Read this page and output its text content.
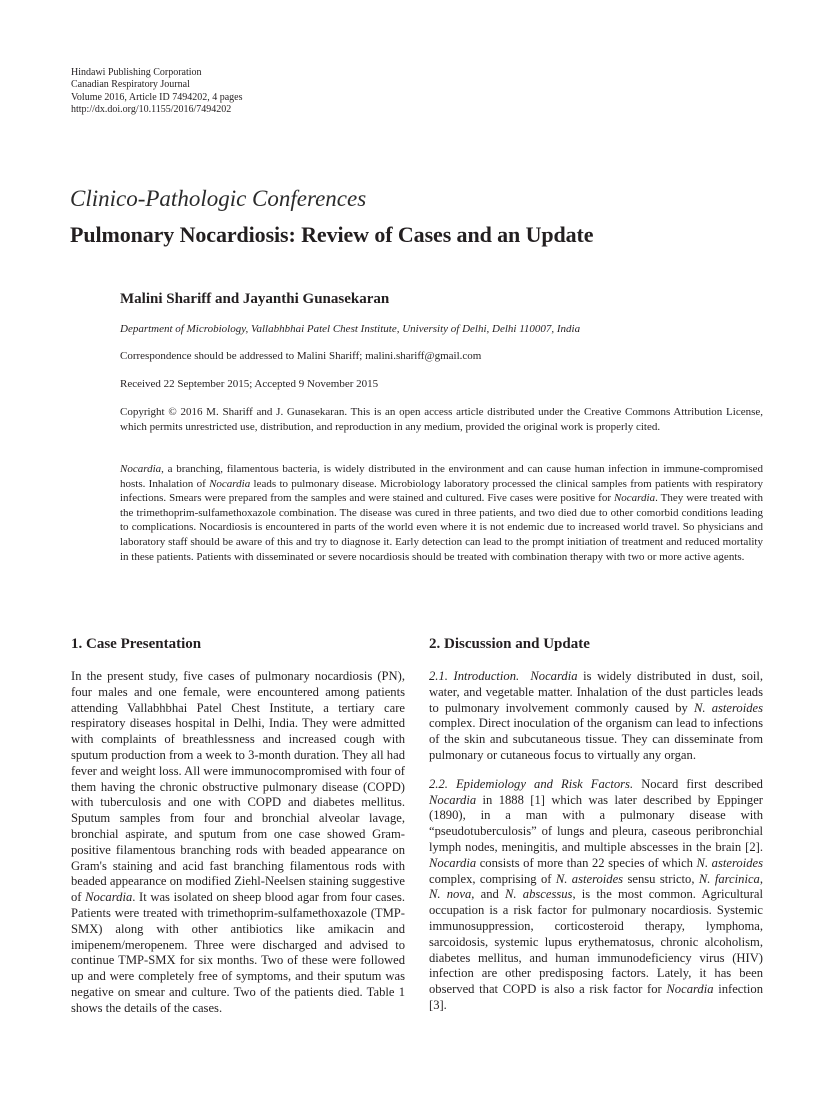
Hindawi Publishing Corporation
Canadian Respiratory Journal
Volume 2016, Article ID 7494202, 4 pages
http://dx.doi.org/10.1155/2016/7494202
Clinico-Pathologic Conferences
Pulmonary Nocardiosis: Review of Cases and an Update
Malini Shariff and Jayanthi Gunasekaran
Department of Microbiology, Vallabhbhai Patel Chest Institute, University of Delhi, Delhi 110007, India
Correspondence should be addressed to Malini Shariff; malini.shariff@gmail.com
Received 22 September 2015; Accepted 9 November 2015

Copyright © 2016 M. Shariff and J. Gunasekaran. This is an open access article distributed under the Creative Commons Attribution License, which permits unrestricted use, distribution, and reproduction in any medium, provided the original work is properly cited.

Nocardia, a branching, filamentous bacteria, is widely distributed in the environment and can cause human infection in immune-compromised hosts. Inhalation of Nocardia leads to pulmonary disease. Microbiology laboratory processed the clinical samples from patients with respiratory infections. Smears were prepared from the samples and were stained and cultured. Five cases were positive for Nocardia. They were treated with the trimethoprim-sulfamethoxazole combination. The disease was cured in three patients, and two died due to other comorbid conditions leading to complications. Nocardiosis is encountered in parts of the world even where it is not endemic due to increased world travel. So physicians and laboratory staff should be aware of this and try to diagnose it. Early detection can lead to the prompt initiation of treatment and reduced mortality in these patients. Patients with disseminated or severe nocardiosis should be treated with combination therapy with two or more active agents.

1. Case Presentation

In the present study, five cases of pulmonary nocardiosis (PN), four males and one female, were encountered among patients attending Vallabhbhai Patel Chest Institute, a tertiary care respiratory diseases hospital in Delhi, India. They were admitted with complaints of breathlessness and increased cough with sputum production from a week to 3-month duration. They all had fever and weight loss. All were immunocompromised with four of them having the chronic obstructive pulmonary disease (COPD) with tuberculosis and one with COPD and diabetes mellitus. Sputum samples from four and bronchial alveolar lavage, bronchial aspirate, and sputum from one case showed Gram-positive filamentous branching rods with beaded appearance on Gram's staining and acid fast branching filamentous rods with beaded appearance on modified Ziehl-Neelsen staining suggestive of Nocardia. It was isolated on sheep blood agar from four cases. Patients were treated with trimethoprim-sulfamethoxazole (TMP-SMX) along with other antibiotics like amikacin and imipenem/meropenem. Three were discharged and advised to continue TMP-SMX for six months. Two of these were followed up and were completely free of symptoms, and their sputum was negative on smear and culture. Two of the patients died. Table 1 shows the details of the cases.

2. Discussion and Update

2.1. Introduction. Nocardia is widely distributed in dust, soil, water, and vegetable matter. Inhalation of the dust particles leads to pulmonary involvement commonly caused by N. asteroides complex. Direct inoculation of the organism can lead to infections of the skin and subcutaneous tissue. They can disseminate from pulmonary or cutaneous focus to virtually any organ.

2.2. Epidemiology and Risk Factors. Nocard first described Nocardia in 1888 [1] which was later described by Eppinger (1890), in a man with a pulmonary disease with “pseudotuberculosis” of lungs and pleura, caseous peribronchial lymph nodes, meningitis, and multiple abscesses in the brain [2]. Nocardia consists of more than 22 species of which N. asteroides complex, comprising of N. asteroides sensu stricto, N. farcinica, N. nova, and N. abscessus, is the most common. Agricultural occupation is a risk factor for pulmonary nocardiosis. Systemic immunosuppression, corticosteroid therapy, lymphoma, sarcoidosis, systemic lupus erythematosus, chronic alcoholism, diabetes mellitus, and human immunodeficiency virus (HIV) infection are other predisposing factors. Lately, it has been observed that COPD is also a risk factor for Nocardia infection [3].
